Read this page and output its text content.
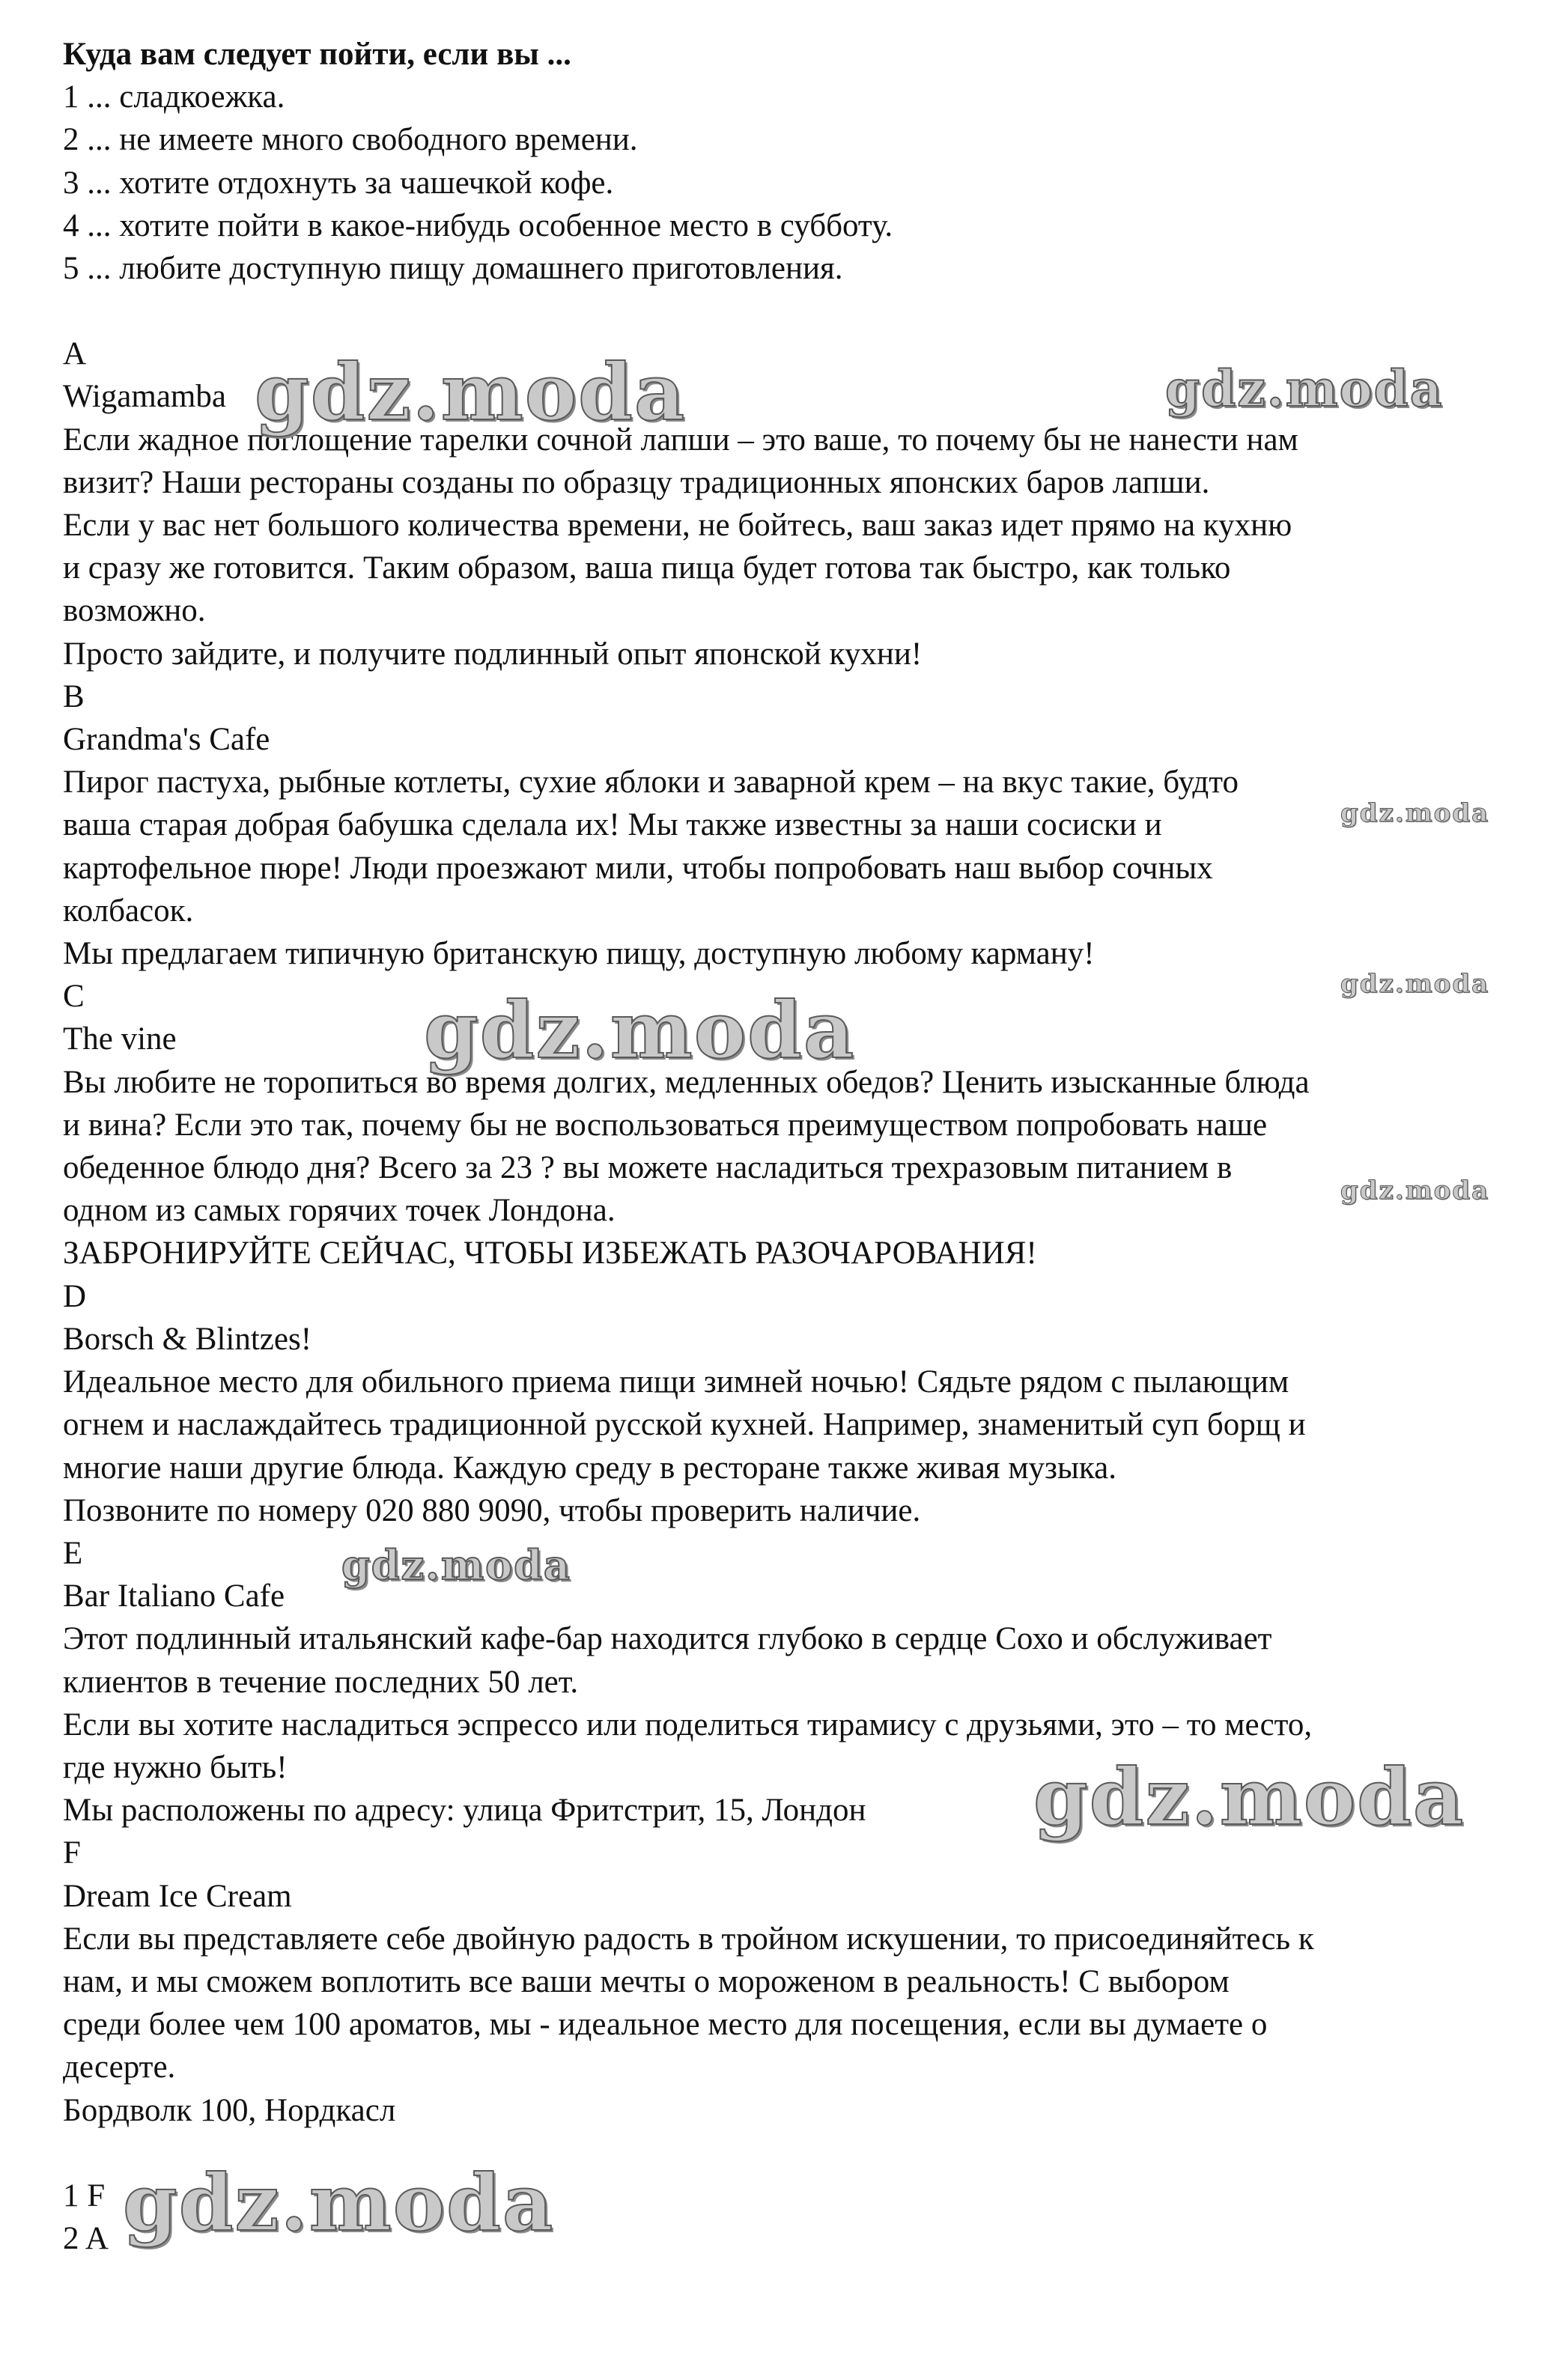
Куда вам следует пойти, если вы ...

1 ... сладкоежка.

2 ... не имеете много свободного времени.

3 ... хотите отдохнуть за чашечкой кофе.

4 ... хотите пойти в какое-нибудь особенное место в субботу.

5 ... любите доступную пищу домашнего приготовления.

A

Wigamamba

Если жадное поглощение тарелки сочной лапши – это ваше, то почему бы не нанести нам

визит? Наши рестораны созданы по образцу традиционных японских баров лапши.

Если у вас нет большого количества времени, не бойтесь, ваш заказ идет прямо на кухню

и сразу же готовится. Таким образом, ваша пища будет готова так быстро, как только

возможно.

Просто зайдите, и получите подлинный опыт японской кухни!

B

Grandma's Cafe

Пирог пастуха, рыбные котлеты, сухие яблоки и заварной крем – на вкус такие, будто

ваша старая добрая бабушка сделала их! Мы также известны за наши сосиски и

картофельное пюре! Люди проезжают мили, чтобы попробовать наш выбор сочных

колбасок.

Мы предлагаем типичную британскую пищу, доступную любому карману!

C

The vine

Вы любите не торопиться во время долгих, медленных обедов? Ценить изысканные блюда

и вина? Если это так, почему бы не воспользоваться преимуществом попробовать наше

обеденное блюдо дня? Всего за 23 ? вы можете насладиться трехразовым питанием в

одном из самых горячих точек Лондона.

ЗАБРОНИРУЙТЕ СЕЙЧАС, ЧТОБЫ ИЗБЕЖАТЬ РАЗОЧАРОВАНИЯ!

D

Borsch & Blintzes!

Идеальное место для обильного приема пищи зимней ночью! Сядьте рядом с пылающим

огнем и наслаждайтесь традиционной русской кухней. Например, знаменитый суп борщ и

многие наши другие блюда. Каждую среду в ресторане также живая музыка.

Позвоните по номеру 020 880 9090, чтобы проверить наличие.

E

Bar Italiano Cafe

Этот подлинный итальянский кафе-бар находится глубоко в сердце Сохо и обслуживает

клиентов в течение последних 50 лет.

Если вы хотите насладиться эспрессо или поделиться тирамису с друзьями, это – то место,

где нужно быть!

Мы расположены по адресу: улица Фритстрит, 15, Лондон

F

Dream Ice Cream

Если вы представляете себе двойную радость в тройном искушении, то присоединяйтесь к

нам, и мы сможем воплотить все ваши мечты о мороженом в реальность! С выбором

среди более чем 100 ароматов, мы - идеальное место для посещения, если вы думаете о

десерте.

Бордволк 100, Нордкасл

1 F

2 A

gdz.moda	gdz.moda
gdz.moda
gdz.moda
gdz.moda
gdz.moda
gdz.moda
gdz.moda
gdz.moda
